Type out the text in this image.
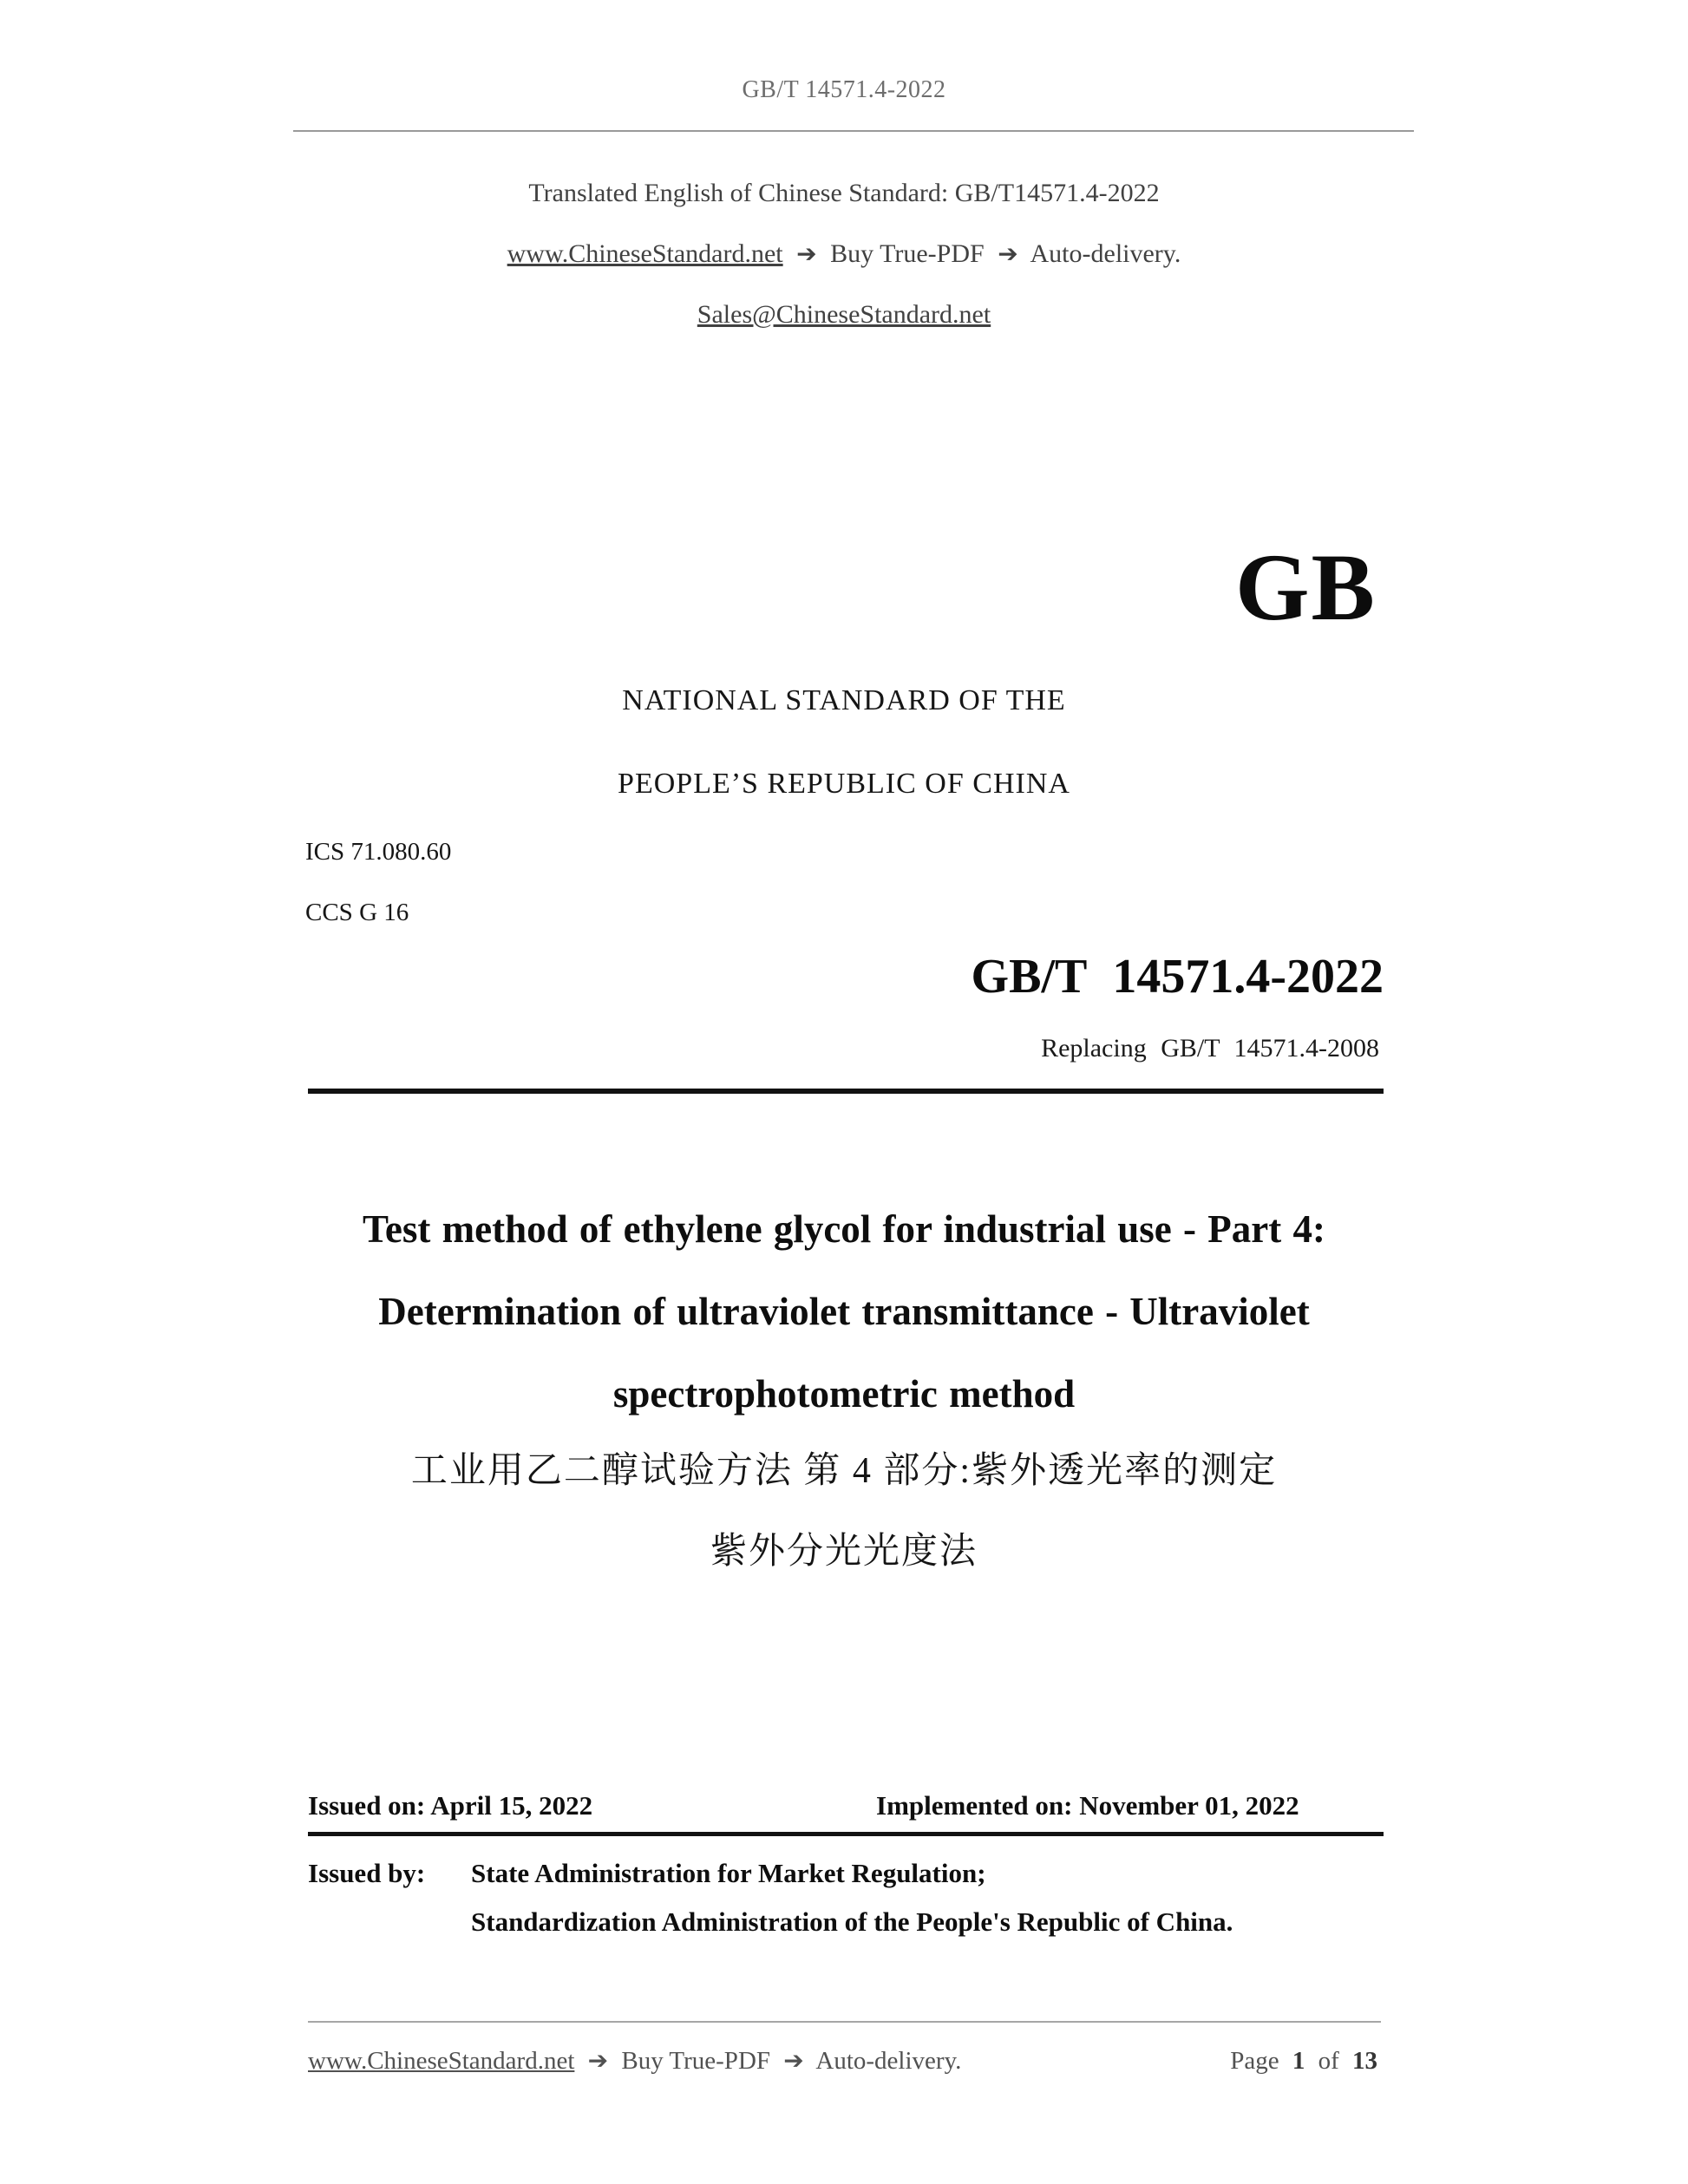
GB/T 14571.4-2022
Translated English of Chinese Standard: GB/T14571.4-2022
www.ChineseStandard.net ➔ Buy True-PDF ➔ Auto-delivery.
Sales@ChineseStandard.net
GB
NATIONAL STANDARD OF THE
PEOPLE’S REPUBLIC OF CHINA
ICS 71.080.60
CCS G 16
GB/T 14571.4-2022
Replacing GB/T 14571.4-2008
Test method of ethylene glycol for industrial use - Part 4:
Determination of ultraviolet transmittance - Ultraviolet
spectrophotometric method
工业用乙二醇试验方法 第 4 部分:紫外透光率的测定
紫外分光光度法
Issued on: April 15, 2022	Implemented on: November 01, 2022
Issued by: State Administration for Market Regulation;
Standardization Administration of the People's Republic of China.
www.ChineseStandard.net ➔ Buy True-PDF ➔ Auto-delivery.	Page 1 of 13
